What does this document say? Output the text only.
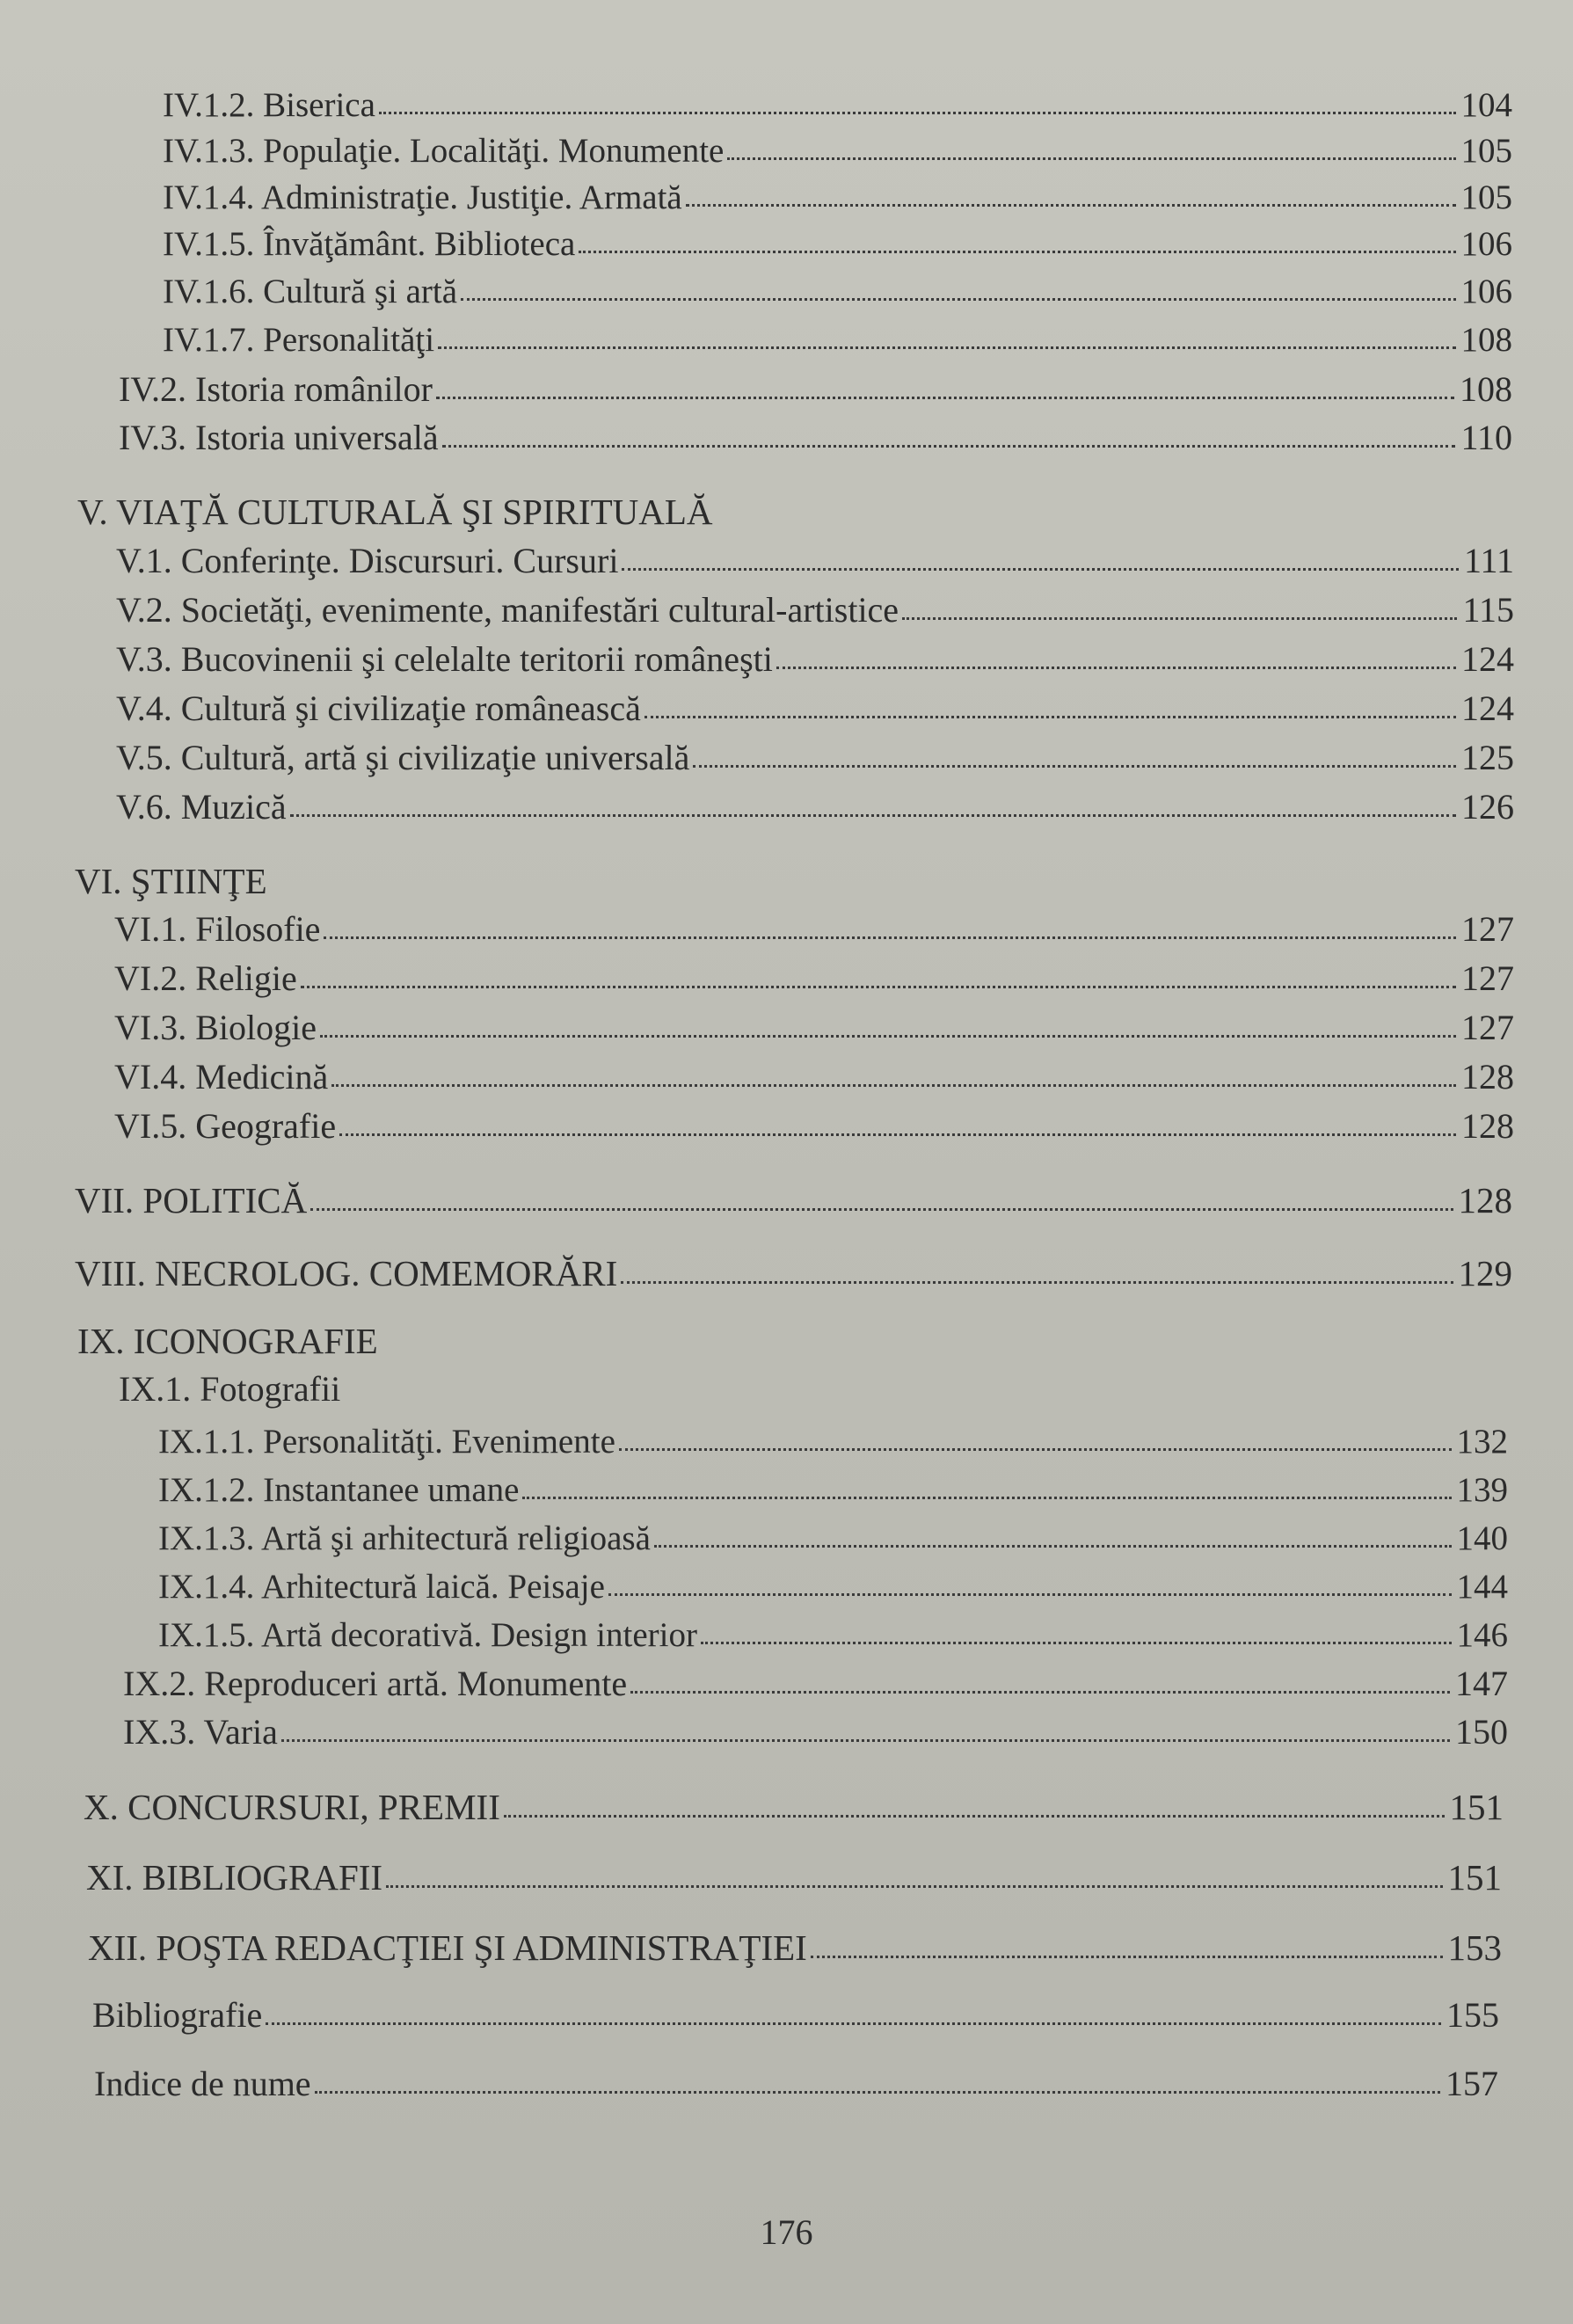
IV.1.2. Biserica	104
IV.1.3. Populaţie. Localităţi. Monumente	105
IV.1.4. Administraţie. Justiţie. Armată	105
IV.1.5. Învăţământ. Biblioteca	106
IV.1.6. Cultură şi artă	106
IV.1.7. Personalităţi	108
IV.2. Istoria românilor	108
IV.3. Istoria universală	110
V. VIAŢĂ CULTURALĂ ŞI SPIRITUALĂ
V.1. Conferinţe. Discursuri. Cursuri	111
V.2. Societăţi, evenimente, manifestări cultural-artistice	115
V.3. Bucovinenii şi celelalte teritorii româneşti	124
V.4. Cultură şi civilizaţie românească	124
V.5. Cultură, artă şi civilizaţie universală	125
V.6. Muzică	126
VI. ŞTIINŢE
VI.1. Filosofie	127
VI.2. Religie	127
VI.3. Biologie	127
VI.4. Medicină	128
VI.5. Geografie	128
VII. POLITICĂ	128
VIII. NECROLOG. COMEMORĂRI	129
IX. ICONOGRAFIE
IX.1. Fotografii
IX.1.1. Personalităţi. Evenimente	132
IX.1.2. Instantanee umane	139
IX.1.3. Artă şi arhitectură religioasă	140
IX.1.4. Arhitectură laică. Peisaje	144
IX.1.5. Artă decorativă. Design interior	146
IX.2. Reproduceri artă. Monumente	147
IX.3. Varia	150
X. CONCURSURI, PREMII	151
XI. BIBLIOGRAFII	151
XII. POŞTA REDACŢIEI ŞI ADMINISTRAŢIEI	153
Bibliografie	155
Indice de nume	157
176
